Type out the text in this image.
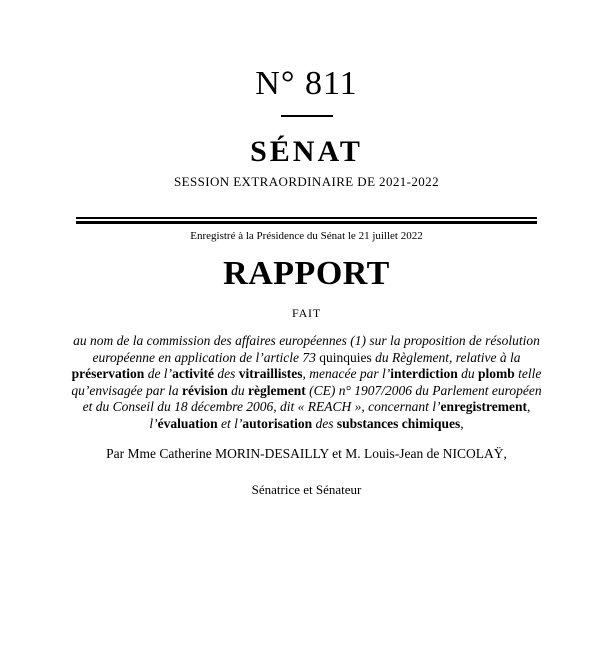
N° 811
SÉNAT
SESSION EXTRAORDINAIRE DE 2021-2022
Enregistré à la Présidence du Sénat le 21 juillet 2022
RAPPORT
FAIT
au nom de la commission des affaires européennes (1) sur la proposition de résolution
européenne en application de l’article 73 quinquies du Règlement, relative à la
préservation de l’activité des vitraillistes, menacée par l’interdiction du plomb telle
qu’envisagée par la révision du règlement (CE) n° 1907/2006 du Parlement européen
et du Conseil du 18 décembre 2006, dit « REACH », concernant l’enregistrement,
l’évaluation et l’autorisation des substances chimiques,
Par Mme Catherine MORIN-DESAILLY et M. Louis-Jean de NICOLAŸ,
Sénatrice et Sénateur
